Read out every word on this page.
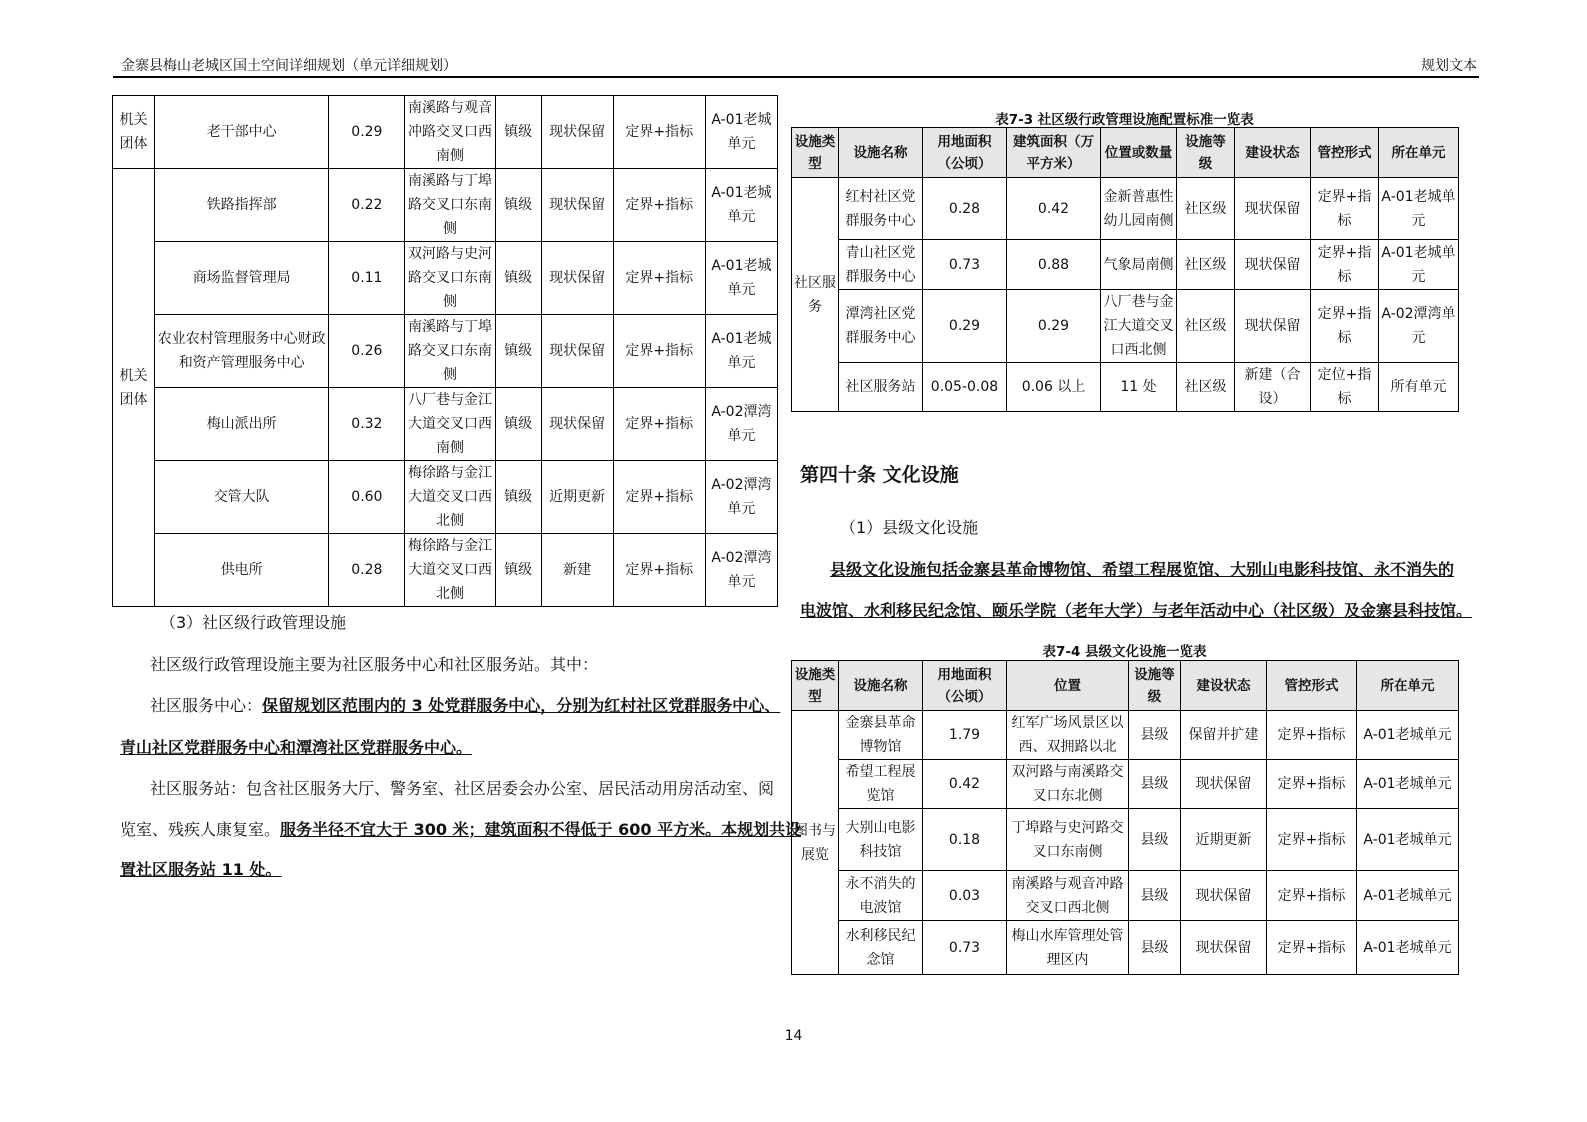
金寨县梅山老城区国土空间详细规划（单元详细规划）	规划文本
机关团体	老干部中心	0.29	南溪路与观音冲路交叉口西南侧	镇级	现状保留	定界+指标	A-01老城单元
机关团体	铁路指挥部	0.22	南溪路与丁埠路交叉口东南侧	镇级	现状保留	定界+指标	A-01老城单元
	商场监督管理局	0.11	双河路与史河路交叉口东南侧	镇级	现状保留	定界+指标	A-01老城单元
	农业农村管理服务中心财政和资产管理服务中心	0.26	南溪路与丁埠路交叉口东南侧	镇级	现状保留	定界+指标	A-01老城单元
	梅山派出所	0.32	八厂巷与金江大道交叉口西南侧	镇级	现状保留	定界+指标	A-02潭湾单元
	交管大队	0.60	梅徐路与金江大道交叉口西北侧	镇级	近期更新	定界+指标	A-02潭湾单元
	供电所	0.28	梅徐路与金江大道交叉口西北侧	镇级	新建	定界+指标	A-02潭湾单元

（3）社区级行政管理设施

社区级行政管理设施主要为社区服务中心和社区服务站。其中：

社区服务中心：保留规划区范围内的 3 处党群服务中心，分别为红村社区党群服务中心、

青山社区党群服务中心和潭湾社区党群服务中心。

社区服务站：包含社区服务大厅、警务室、社区居委会办公室、居民活动用房活动室、阅

览室、残疾人康复室。服务半径不宜大于 300 米；建筑面积不得低于 600 平方米。本规划共设

置社区服务站 11 处。

表7-3 社区级行政管理设施配置标准一览表
设施类型	设施名称	用地面积（公顷）	建筑面积（万平方米）	位置或数量	设施等级	建设状态	管控形式	所在单元
社区服务	红村社区党群服务中心	0.28	0.42	金新普惠性幼儿园南侧	社区级	现状保留	定界+指标	A-01老城单元
	青山社区党群服务中心	0.73	0.88	气象局南侧	社区级	现状保留	定界+指标	A-01老城单元
	潭湾社区党群服务中心	0.29	0.29	八厂巷与金江大道交叉口西北侧	社区级	现状保留	定界+指标	A-02潭湾单元
	社区服务站	0.05-0.08	0.06 以上	11 处	社区级	新建（合设）	定位+指标	所有单元
第四十条 文化设施

（1）县级文化设施

县级文化设施包括金寨县革命博物馆、希望工程展览馆、大别山电影科技馆、永不消失的

电波馆、水利移民纪念馆、颐乐学院（老年大学）与老年活动中心（社区级）及金寨县科技馆。

表7-4 县级文化设施一览表
设施类型	设施名称	用地面积（公顷）	位置	设施等级	建设状态	管控形式	所在单元
图书与展览	金寨县革命博物馆	1.79	红军广场风景区以西、双拥路以北	县级	保留并扩建	定界+指标	A-01老城单元
	希望工程展览馆	0.42	双河路与南溪路交叉口东北侧	县级	现状保留	定界+指标	A-01老城单元
	大别山电影科技馆	0.18	丁埠路与史河路交叉口东南侧	县级	近期更新	定界+指标	A-01老城单元
	永不消失的电波馆	0.03	南溪路与观音冲路交叉口西北侧	县级	现状保留	定界+指标	A-01老城单元
	水利移民纪念馆	0.73	梅山水库管理处管理区内	县级	现状保留	定界+指标	A-01老城单元
14
